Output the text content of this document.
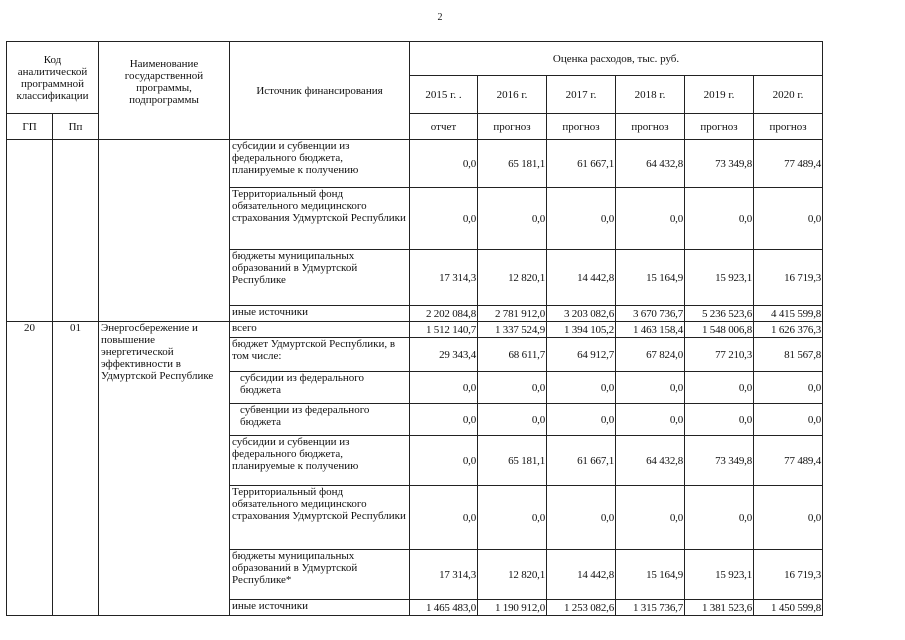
2
Код аналитической программной классификации		Наименование государственной программы, подпрограммы	Источник финансирования	Оценка расходов, тыс. руб.					
				2015 г. .	2016 г.	2017 г.	2018 г.	2019 г.	2020 г.
ГП	Пп			отчет	прогноз	прогноз	прогноз	прогноз	прогноз
			субсидии и субвенции из федерального бюджета, планируемые к получению	0,0	65 181,1	61 667,1	64 432,8	73 349,8	77 489,4
			Территориальный фонд обязательного медицинского страхования Удмуртской Республики	0,0	0,0	0,0	0,0	0,0	0,0
			бюджеты муниципальных образований в Удмуртской Республике	17 314,3	12 820,1	14 442,8	15 164,9	15 923,1	16 719,3
			иные источники	2 202 084,8	2 781 912,0	3 203 082,6	3 670 736,7	5 236 523,6	4 415 599,8
20	01	Энергосбережение и повышение энергетической эффективности в Удмуртской Республике	всего	1 512 140,7	1 337 524,9	1 394 105,2	1 463 158,4	1 548 006,8	1 626 376,3
			бюджет Удмуртской Республики, в том числе:	29 343,4	68 611,7	64 912,7	67 824,0	77 210,3	81 567,8
			субсидии из федерального бюджета	0,0	0,0	0,0	0,0	0,0	0,0
			субвенции из федерального бюджета	0,0	0,0	0,0	0,0	0,0	0,0
			субсидии и субвенции из федерального бюджета, планируемые к получению	0,0	65 181,1	61 667,1	64 432,8	73 349,8	77 489,4
			Территориальный фонд обязательного медицинского страхования Удмуртской Республики	0,0	0,0	0,0	0,0	0,0	0,0
			бюджеты муниципальных образований в Удмуртской Республике*	17 314,3	12 820,1	14 442,8	15 164,9	15 923,1	16 719,3
			иные источники	1 465 483,0	1 190 912,0	1 253 082,6	1 315 736,7	1 381 523,6	1 450 599,8
